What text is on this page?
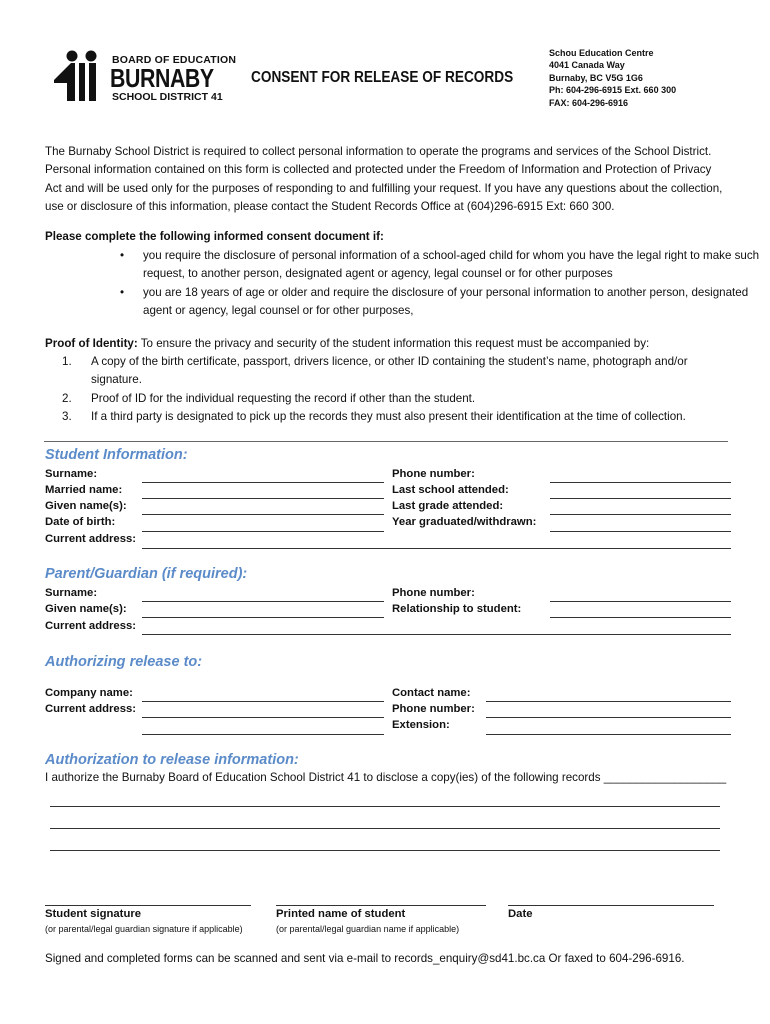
BOARD OF EDUCATION
BURNABY
SCHOOL DISTRICT 41
CONSENT FOR RELEASE OF RECORDS
Schou Education Centre
4041 Canada Way
Burnaby, BC V5G 1G6
Ph: 604-296-6915 Ext. 660 300
FAX: 604-296-6916
The Burnaby School District is required to collect personal information to operate the programs and services of the School District.
Personal information contained on this form is collected and protected under the Freedom of Information and Protection of Privacy
Act and will be used only for the purposes of responding to and fulfilling your request. If you have any questions about the collection,
use or disclosure of this information, please contact the Student Records Office at (604)296-6915 Ext: 660 300.
Please complete the following informed consent document if:
• you require the disclosure of personal information of a school-aged child for whom you have the legal right to make such request, to another person, designated agent or agency, legal counsel or for other purposes
• you are 18 years of age or older and require the disclosure of your personal information to another person, designated agent or agency, legal counsel or for other purposes,
Proof of Identity: To ensure the privacy and security of the student information this request must be accompanied by:
1. A copy of the birth certificate, passport, drivers licence, or other ID containing the student’s name, photograph and/or signature.
2. Proof of ID for the individual requesting the record if other than the student.
3. If a third party is designated to pick up the records they must also present their identification at the time of collection.
Student Information:
Surname:
Married name:
Given name(s):
Date of birth:
Current address:
Phone number:
Last school attended:
Last grade attended:
Year graduated/withdrawn:
Parent/Guardian (if required):
Surname:
Given name(s):
Current address:
Phone number:
Relationship to student:
Authorizing release to:
Company name:
Current address:
Contact name:
Phone number:
Extension:
Authorization to release information:
I authorize the Burnaby Board of Education School District 41 to disclose a copy(ies) of the following records ___________________
Student signature
(or parental/legal guardian signature if applicable)
Printed name of student
(or parental/legal guardian name if applicable)
Date
Signed and completed forms can be scanned and sent via e-mail to records_enquiry@sd41.bc.ca Or faxed to 604-296-6916.
